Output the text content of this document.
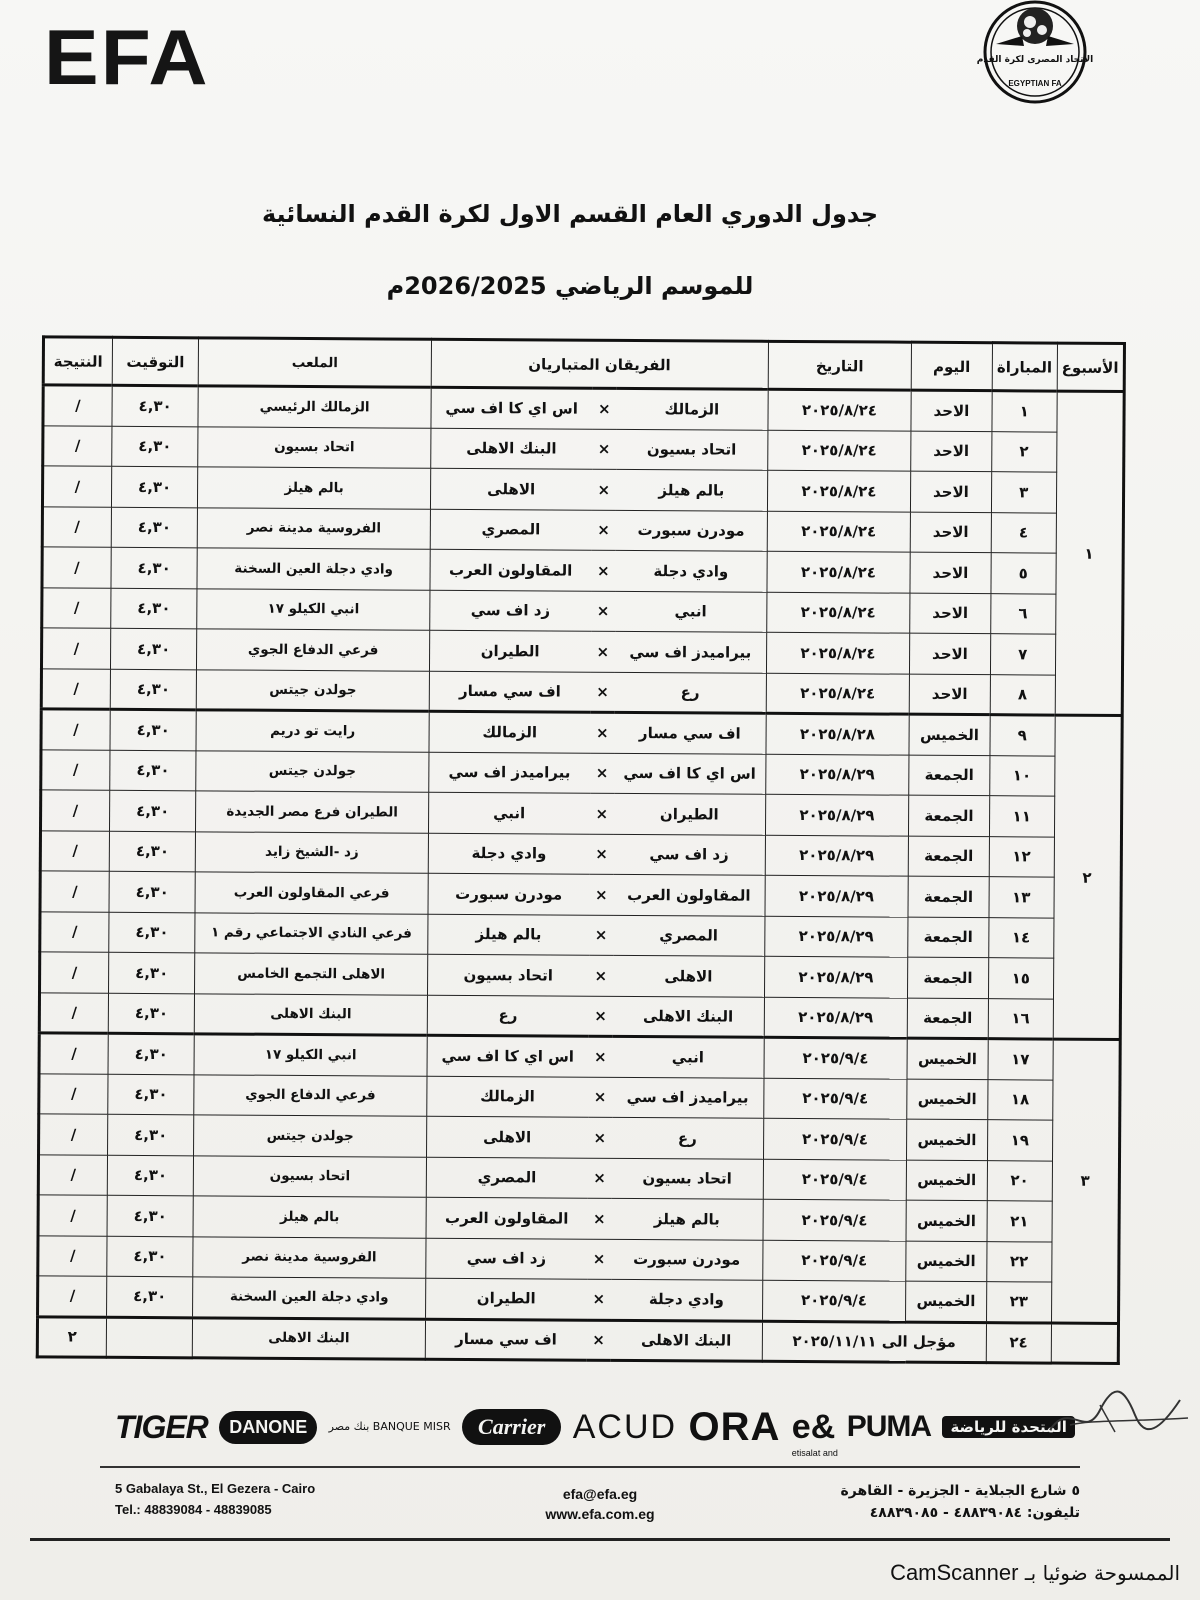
EFA	الاتحاد المصرى لكرة القدم
EGYPTIAN FA
جدول الدوري العام القسم الاول لكرة القدم النسائية
للموسم الرياضي 2026/2025م
الأسبوع	المباراة	اليوم	التاريخ	الفريقان المتباريان			الملعب	التوقيت	النتيجة
١	١	الاحد	٢٠٢٥/٨/٢٤	الزمالك	×	اس اي كا اف سي	الزمالك الرئيسي	٤,٣٠	/
	٢	الاحد	٢٠٢٥/٨/٢٤	اتحاد بسيون	×	البنك الاهلى	اتحاد بسيون	٤,٣٠	/
	٣	الاحد	٢٠٢٥/٨/٢٤	بالم هيلز	×	الاهلى	بالم هيلز	٤,٣٠	/
	٤	الاحد	٢٠٢٥/٨/٢٤	مودرن سبورت	×	المصري	الفروسية مدينة نصر	٤,٣٠	/
	٥	الاحد	٢٠٢٥/٨/٢٤	وادي دجلة	×	المقاولون العرب	وادي دجلة العين السخنة	٤,٣٠	/
	٦	الاحد	٢٠٢٥/٨/٢٤	انبي	×	زد اف سي	انبي الكيلو ١٧	٤,٣٠	/
	٧	الاحد	٢٠٢٥/٨/٢٤	بيراميدز اف سي	×	الطيران	فرعي الدفاع الجوي	٤,٣٠	/
	٨	الاحد	٢٠٢٥/٨/٢٤	رع	×	اف سي مسار	جولدن جيتس	٤,٣٠	/
٢	٩	الخميس	٢٠٢٥/٨/٢٨	اف سي مسار	×	الزمالك	رايت تو دريم	٤,٣٠	/
	١٠	الجمعة	٢٠٢٥/٨/٢٩	اس اي كا اف سي	×	بيراميدز اف سي	جولدن جيتس	٤,٣٠	/
	١١	الجمعة	٢٠٢٥/٨/٢٩	الطيران	×	انبي	الطيران فرع مصر الجديدة	٤,٣٠	/
	١٢	الجمعة	٢٠٢٥/٨/٢٩	زد اف سي	×	وادي دجلة	زد -الشيخ زايد	٤,٣٠	/
	١٣	الجمعة	٢٠٢٥/٨/٢٩	المقاولون العرب	×	مودرن سبورت	فرعي المقاولون العرب	٤,٣٠	/
	١٤	الجمعة	٢٠٢٥/٨/٢٩	المصري	×	بالم هيلز	فرعي النادي الاجتماعي رقم ١	٤,٣٠	/
	١٥	الجمعة	٢٠٢٥/٨/٢٩	الاهلى	×	اتحاد بسيون	الاهلى التجمع الخامس	٤,٣٠	/
	١٦	الجمعة	٢٠٢٥/٨/٢٩	البنك الاهلى	×	رع	البنك الاهلى	٤,٣٠	/
٣	١٧	الخميس	٢٠٢٥/٩/٤	انبي	×	اس اي كا اف سي	انبي الكيلو ١٧	٤,٣٠	/
	١٨	الخميس	٢٠٢٥/٩/٤	بيراميدز اف سي	×	الزمالك	فرعي الدفاع الجوي	٤,٣٠	/
	١٩	الخميس	٢٠٢٥/٩/٤	رع	×	الاهلى	جولدن جيتس	٤,٣٠	/
	٢٠	الخميس	٢٠٢٥/٩/٤	اتحاد بسيون	×	المصري	اتحاد بسيون	٤,٣٠	/
	٢١	الخميس	٢٠٢٥/٩/٤	بالم هيلز	×	المقاولون العرب	بالم هيلز	٤,٣٠	/
	٢٢	الخميس	٢٠٢٥/٩/٤	مودرن سبورت	×	زد اف سي	الفروسية مدينة نصر	٤,٣٠	/
	٢٣	الخميس	٢٠٢٥/٩/٤	وادي دجلة	×	الطيران	وادي دجلة العين السخنة	٤,٣٠	/
	٢٤	مؤجل الى ٢٠٢٥/١١/١١		البنك الاهلى	×	اف سي مسار	البنك الاهلى		٢
TIGER	DANONE	بنك مصر BANQUE MISR	Carrier ACUD ORA e&
etisalat and
PUMA	المتحدة للرياضة
5 Gabalaya St., El Gezera - Cairo
Tel.: 48839084 - 48839085
efa@efa.eg
www.efa.com.eg
٥ شارع الجبلاية - الجزيرة - القاهرة
تليفون: ٤٨٨٣٩٠٨٤ - ٤٨٨٣٩٠٨٥
الممسوحة ضوئيا بـ CamScanner
